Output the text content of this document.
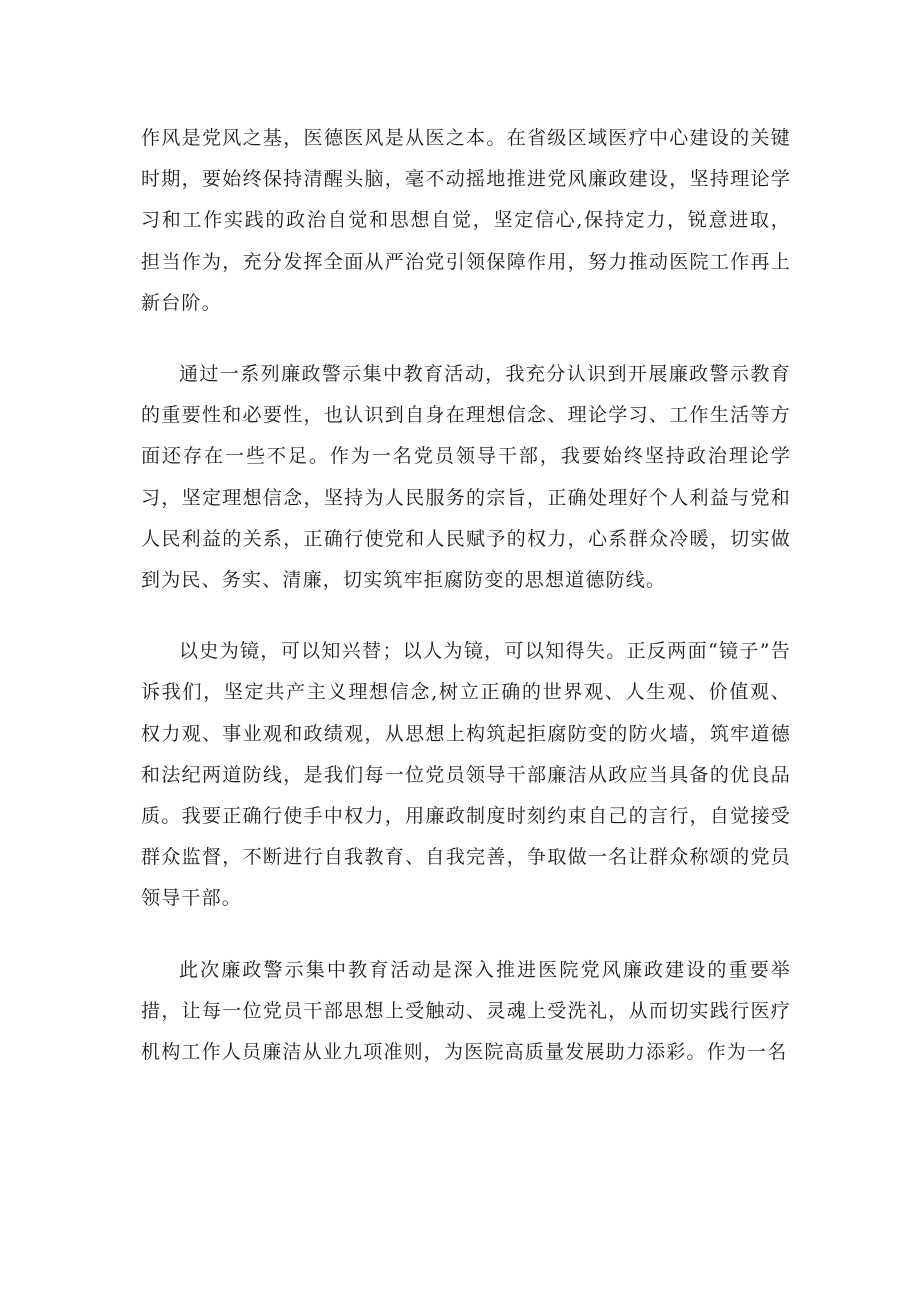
作风是党风之基，医德医风是从医之本。在省级区域医疗中心建设的关键时期，要始终保持清醒头脑，毫不动摇地推进党风廉政建设，坚持理论学习和工作实践的政治自觉和思想自觉，坚定信心,保持定力，锐意进取，担当作为，充分发挥全面从严治党引领保障作用，努力推动医院工作再上新台阶。

通过一系列廉政警示集中教育活动，我充分认识到开展廉政警示教育的重要性和必要性，也认识到自身在理想信念、理论学习、工作生活等方面还存在一些不足。作为一名党员领导干部，我要始终坚持政治理论学习，坚定理想信念，坚持为人民服务的宗旨，正确处理好个人利益与党和人民利益的关系，正确行使党和人民赋予的权力，心系群众冷暖，切实做到为民、务实、清廉，切实筑牢拒腐防变的思想道德防线。

以史为镜，可以知兴替；以人为镜，可以知得失。正反两面“镜子”告诉我们，坚定共产主义理想信念,树立正确的世界观、人生观、价值观、权力观、事业观和政绩观，从思想上构筑起拒腐防变的防火墙，筑牢道德和法纪两道防线，是我们每一位党员领导干部廉洁从政应当具备的优良品质。我要正确行使手中权力，用廉政制度时刻约束自己的言行，自觉接受群众监督，不断进行自我教育、自我完善，争取做一名让群众称颂的党员领导干部。

此次廉政警示集中教育活动是深入推进医院党风廉政建设的重要举措，让每一位党员干部思想上受触动、灵魂上受洗礼，从而切实践行医疗机构工作人员廉洁从业九项准则，为医院高质量发展助力添彩。作为一名
